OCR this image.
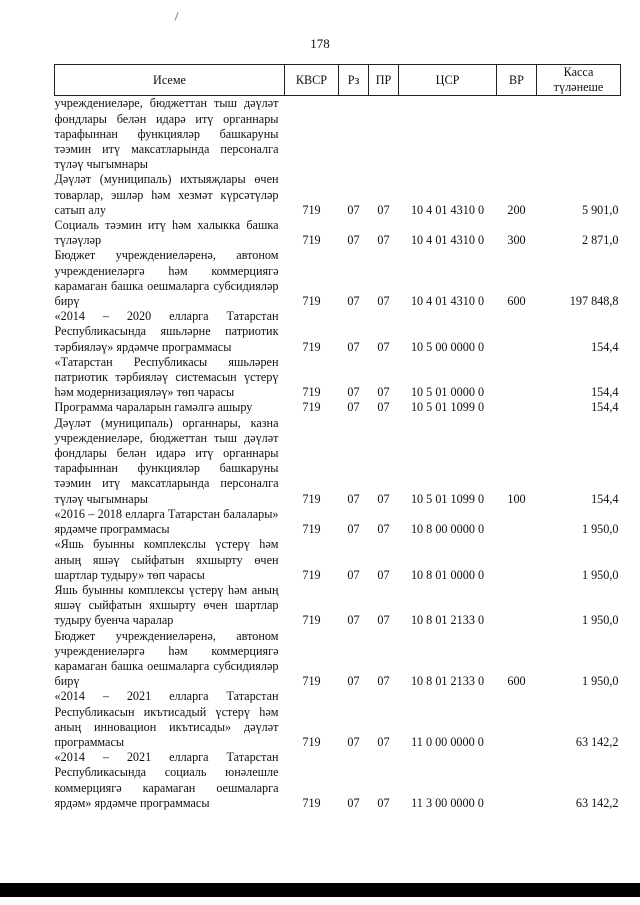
178
Исеме	КВСР	Рз	ПР	ЦСР	ВР	Касса
түләнеше

учреждениеләре, бюджеттан тыш дәүләт фондлары белән идарә итү органнары тарафыннан функцияләр башкаруны тәэмин итү максатларында персоналга түләү чыгымнары						
Дәүләт (муниципаль) ихтыяҗлары өчен товарлар, эшләр һәм хезмәт күрсәтүләр сатып алу	719	07	07	10 4 01 4310 0	200	5 901,0
Социаль тәэмин итү һәм халыкка башка түләүләр	719	07	07	10 4 01 4310 0	300	2 871,0
Бюджет учреждениеләренә, автоном учреждениеләргә һәм коммерциягә карамаган башка оешмаларга субсидияләр бирү	719	07	07	10 4 01 4310 0	600	197 848,8
«2014 – 2020 елларга Татарстан Республикасында яшьләрне патриотик тәрбияләү» ярдәмче программасы	719	07	07	10 5 00 0000 0		154,4
«Татарстан Республикасы яшьләрен патриотик тәрбияләү системасын үстерү һәм модернизацияләү» төп чарасы	719	07	07	10 5 01 0000 0		154,4
Программа чараларын гамәлгә ашыру	719	07	07	10 5 01 1099 0		154,4
Дәүләт (муниципаль) органнары, казна учреждениеләре, бюджеттан тыш дәүләт фондлары белән идарә итү органнары тарафыннан функцияләр башкаруны тәэмин итү максатларында персоналга түләү чыгымнары	719	07	07	10 5 01 1099 0	100	154,4
«2016 – 2018 елларга Татарстан балалары» ярдәмче программасы	719	07	07	10 8 00 0000 0		1 950,0
«Яшь буынны комплекслы үстерү һәм аның яшәү сыйфатын яхшырту өчен шартлар тудыру» төп чарасы	719	07	07	10 8 01 0000 0		1 950,0
Яшь буынны комплексы үстерү һәм аның яшәү сыйфатын яхшырту өчен шартлар тудыру буенча чаралар	719	07	07	10 8 01 2133 0		1 950,0
Бюджет учреждениеләренә, автоном учреждениеләргә һәм коммерциягә карамаган башка оешмаларга субсидияләр бирү	719	07	07	10 8 01 2133 0	600	1 950,0
«2014 – 2021 елларга Татарстан Республикасын икътисадый үстерү һәм аның инновацион икътисады» дәүләт программасы	719	07	07	11 0 00 0000 0		63 142,2
«2014 – 2021 елларга Татарстан Республикасында социаль юнәлешле коммерциягә карамаган оешмаларга ярдәм» ярдәмче программасы	719	07	07	11 3 00 0000 0		63 142,2
